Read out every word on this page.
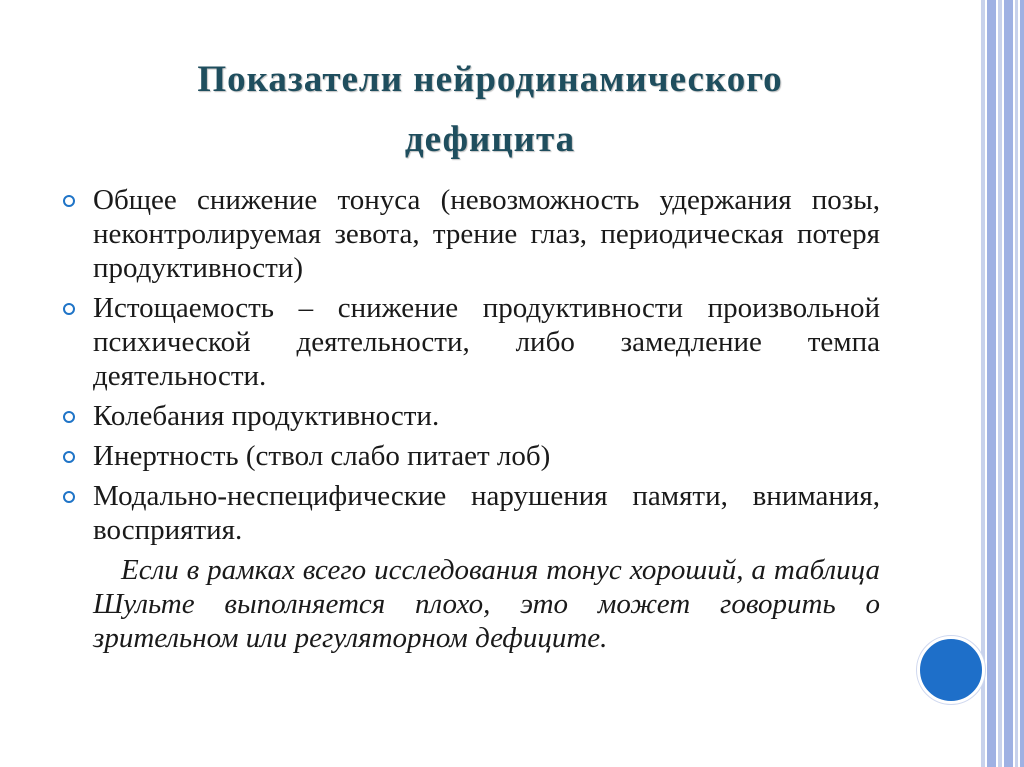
Показатели нейродинамического
дефицита
Общее снижение тонуса (невозможность удержания позы, неконтролируемая зевота, трение глаз, периодическая потеря продуктивности)
Истощаемость – снижение продуктивности произвольной психической деятельности, либо замедление темпа деятельности.
Колебания продуктивности.
Инертность (ствол слабо питает лоб)
Модально-неспецифические нарушения памяти, внимания, восприятия.

Если в рамках всего исследования тонус хороший, а таблица Шульте выполняется плохо, это может говорить о зрительном или регуляторном дефиците.
